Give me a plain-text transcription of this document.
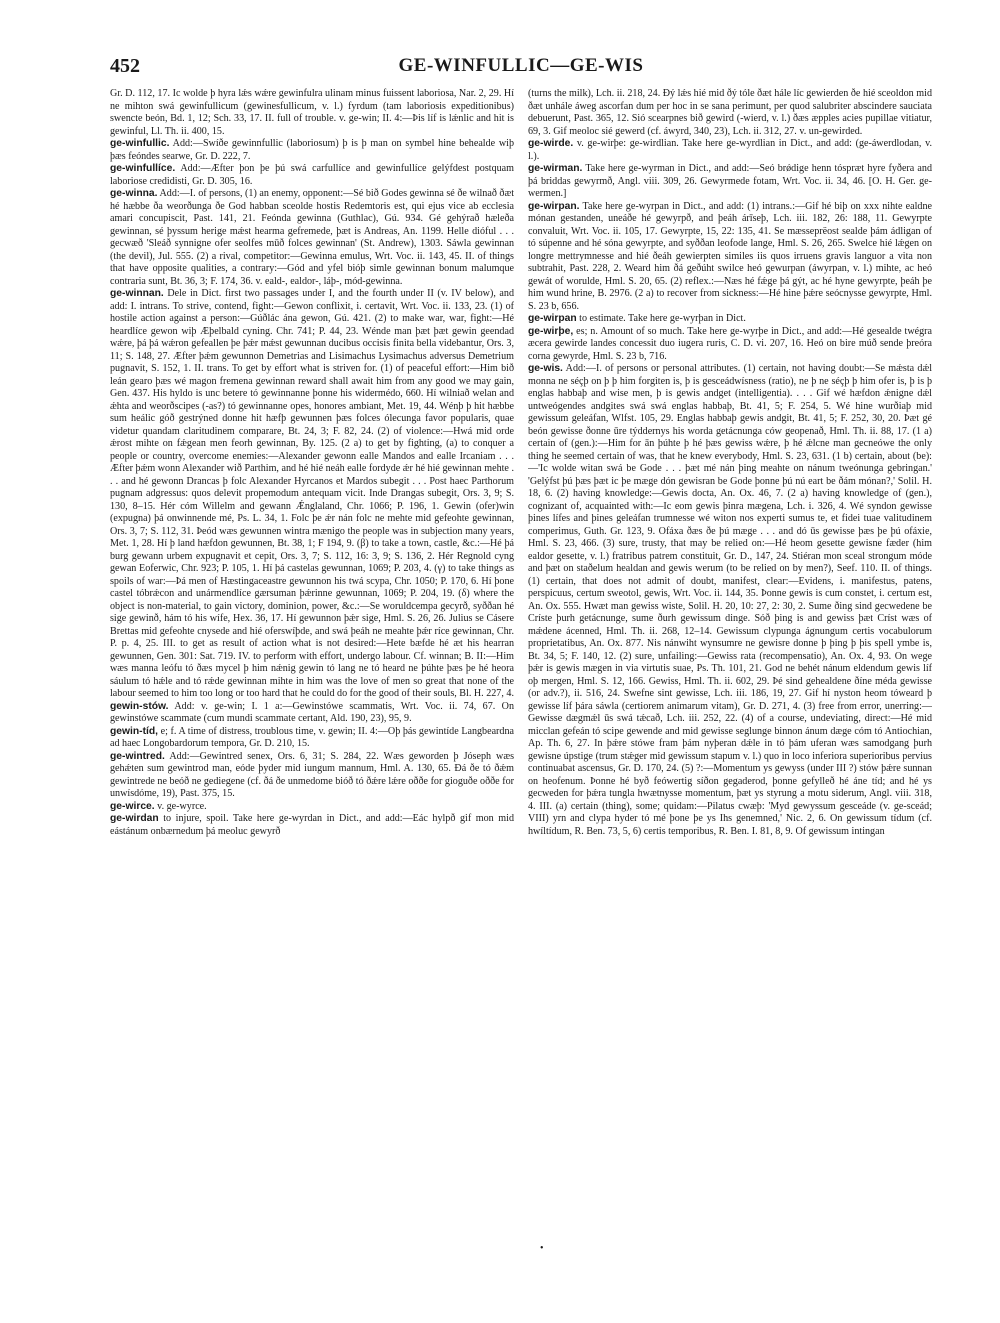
452	GE-WINFULLIC—GE-WIS

Gr. D. 112, 17. Ic wolde þ hyra lǽs wǽre gewinfulra ulinam minus fuissent laboriosa, Nar. 2, 29. Hí ne mihton swá gewinfullicum (gewinesfullicum, v. l.) fyrdum (tam laboriosis expeditionibus) swencte beón, Bd. 1, 12; Sch. 33, 17. II. full of trouble. v. ge-win; II. 4:—Þis líf is lǽnlic and hit is gewinful, Ll. Th. ii. 400, 15.

ge-winfullic. Add:—Swíðe gewinnfullic (laboriosum) þ is þ man on symbel hine behealde wiþ þæs feóndes searwe, Gr. D. 222, 7.

ge-winfullíce. Add:—Æfter þon þe þú swá carfullíce and gewinfullíce gelýfdest postquam laboriose credidisti, Gr. D. 305, 16.

ge-winna. Add:—I. of persons, (1) an enemy, opponent:—Sé bið Godes gewinna sé ðe wilnað ðæt hé hæbbe ða weorðunga ðe God habban sceolde hostis Redemtoris est, qui ejus vice ab ecclesia amari concupiscit, Past. 141, 21. Feónda gewinna (Guthlac), Gú. 934. Gé gehýrað hæleða gewinnan, sé þyssum herige mǽst hearma gefremede, þæt is Andreas, An. 1199. Helle dióful . . . gecwæð 'Sleáð synnigne ofer seolfes mūð folces gewinnan' (St. Andrew), 1303. Sáwla gewinnan (the devil), Jul. 555. (2) a rival, competitor:—Gewinna emulus, Wrt. Voc. ii. 143, 45. II. of things that have opposite qualities, a contrary:—Gód and yfel bióþ simle gewinnan bonum malumque contraria sunt, Bt. 36, 3; F. 174, 36. v. eald-, ealdor-, láþ-, mód-gewinna.

ge-winnan. Dele in Dict. first two passages under I, and the fourth under II (v. IV below), and add: I. intrans. To strive, contend, fight:—Gewon conflixit, i. certavit, Wrt. Voc. ii. 133, 23. (1) of hostile action against a person:—Gúðlác ána gewon, Gú. 421. (2) to make war, war, fight:—Hé heardlíce gewon wiþ Æþelbald cyning. Chr. 741; P. 44, 23. Wénde man þæt þæt gewin geendad wǽre, þá þá wǽron gefeallen þe þǽr mǽst gewunnan ducibus occisis finita bella videbantur, Ors. 3, 11; S. 148, 27. Æfter þǽm gewunnon Demetrias and Lisimachus Lysimachus adversus Demetrium pugnavit, S. 152, 1. II. trans. To get by effort what is striven for. (1) of peaceful effort:—Him bið leán gearo þæs wé magon fremena gewinnan reward shall await him from any good we may gain, Gen. 437. His hyldo is unc betere tó gewinnanne þonne his widermédo, 660. Hí wilniað welan and ǽhta and weorðscipes (-as?) tó gewinnanne opes, honores ambiant, Met. 19, 44. Wénþ þ hit hæbbe sum heálic góð gestrýned donne hit hæfþ gewunnen þæs folces ólecunga favor popularis, quae videtur quandam claritudinem comparare, Bt. 24, 3; F. 82, 24. (2) of violence:—Hwá mid orde ǽrost mihte on fǽgean men feorh gewinnan, By. 125. (2 a) to get by fighting, (a) to conquer a people or country, overcome enemies:—Alexander gewonn ealle Mandos and ealle Ircaniam . . . Æfter þǽm wonn Alexander wið Parthim, and hé hié neáh ealle fordyde ǽr hé hié gewinnan mehte . . . and hé gewonn Drancas þ folc Alexander Hyrcanos et Mardos subegit . . . Post haec Parthorum pugnam adgressus: quos delevit propemodum antequam vicit. Inde Drangas subegit, Ors. 3, 9; S. 130, 8–15. Hér cóm Willelm and gewann Ǽnglaland, Chr. 1066; P. 196, 1. Gewin (ofer)win (expugna) þá onwinnende mé, Ps. L. 34, 1. Folc þe ǽr nán folc ne mehte mid gefeohte gewinnan, Ors. 3, 7; S. 112, 31. Þeód wæs gewunnen wintra mænigo the people was in subjection many years, Met. 1, 28. Hí þ land hæfdon gewunnen, Bt. 38, 1; F 194, 9. (β) to take a town, castle, &c.:—Hé þá burg gewann urbem expugnavit et cepit, Ors. 3, 7; S. 112, 16: 3, 9; S. 136, 2. Hér Regnold cyng gewan Eoferwic, Chr. 923; P. 105, 1. Hí þá castelas gewunnan, 1069; P. 203, 4. (γ) to take things as spoils of war:—Þá men of Hæstingaceastre gewunnon his twá scypa, Chr. 1050; P. 170, 6. Hí þone castel tóbrǽcon and unármendlíce gærsuman þǽrinne gewunnan, 1069; P. 204, 19. (δ) where the object is non-material, to gain victory, dominion, power, &c.:—Se woruldcempa gecyrð, syððan hé sige gewinð, hám tó his wífe, Hex. 36, 17. Hí gewunnon þǽr sige, Hml. S. 26, 26. Julius se Cásere Brettas mid gefeohte cnysede and hié oferswíþde, and swá þeáh ne meahte þǽr ríce gewinnan, Chr. P. p. 4, 25. III. to get as result of action what is not desired:—Hete bæfde hé æt his hearran gewunnen, Gen. 301: Sat. 719. IV. to perform with effort, undergo labour. Cf. winnan; B. II:—Him wæs manna leófu tó ðæs mycel þ him nǽnig gewin tó lang ne tó heard ne þúhte þæs þe hé heora sáulum tó hǽle and tó rǽde gewinnan mihte in him was the love of men so great that none of the labour seemed to him too long or too hard that he could do for the good of their souls, Bl. H. 227, 4.

gewin-stów. Add: v. ge-win; I. 1 a:—Gewinstówe scammatis, Wrt. Voc. ii. 74, 67. On gewinstówe scammate (cum mundi scammate certant, Ald. 190, 23), 95, 9.

gewin-tíd, e; f. A time of distress, troublous time, v. gewin; II. 4:—Oþ þás gewintíde Langbeardna ad haec Longobardorum tempora, Gr. D. 210, 15.

ge-wintred. Add:—Gewintred senex, Ors. 6, 31; S. 284, 22. Wæs geworden þ Jóseph wæs gehǽten sum gewintrod man, eóde þyder mid iungum mannum, Hml. A. 130, 65. Ðá ðe tó ðǽm gewintrede ne beóð ne gediegene (cf. ðá ðe unmedome bióð tó ðǽre lǽre oððe for gioguðe oððe for unwísdóme, 19), Past. 375, 15.

ge-wirce. v. ge-wyrce.

ge-wirdan to injure, spoil. Take here ge-wyrdan in Dict., and add:—Eác hylpð gif mon mid eástánum onbærnedum þá meoluc gewyrð

(turns the milk), Lch. ii. 218, 24. Ðý lǽs hié mid ðý tóle ðæt hále líc gewierden ðe hié sceoldon mid ðæt unhále áweg ascorfan dum per hoc in se sana perimunt, per quod salubriter abscindere sauciata debuerunt, Past. 365, 12. Sió scearpnes bið gewird (-wierd, v. l.) ðæs æpples acies pupillae vitiatur, 69, 3. Gif meoloc sié gewerd (cf. áwyrd, 340, 23), Lch. ii. 312, 27. v. un-gewirded.

ge-wirde. v. ge-wirþe: ge-wirdlian. Take here ge-wyrdlian in Dict., and add: (ge-áwerdlodan, v. l.).

ge-wirman. Take here ge-wyrman in Dict., and add:—Seó brǿdige henn tóspræt hyre fyðera and þá briddas gewyrmð, Angl. viii. 309, 26. Gewyrmede fotam, Wrt. Voc. ii. 34, 46. [O. H. Ger. ge-wermen.]

ge-wirpan. Take here ge-wyrpan in Dict., and add: (1) intrans.:—Gif hé biþ on xxx nihte ealdne mónan gestanden, uneáðe hé gewyrpð, and þeáh árīseþ, Lch. iii. 182, 26: 188, 11. Gewyrpte convaluit, Wrt. Voc. ii. 105, 17. Gewyrpte, 15, 22: 135, 41. Se mæsseprëost sealde þám ádligan of tó súpenne and hé sóna gewyrpte, and syððan leofode lange, Hml. S. 26, 265. Swelce hié lǽgen on longre mettrymnesse and hié ðeáh gewierpten similes iis quos irruens gravis languor a vita non subtrahit, Past. 228, 2. Weard him ðá geðúht swilce heó gewurpan (áwyrpan, v. l.) mihte, ac heó gewát of worulde, Hml. S. 20, 65. (2) reflex.:—Næs hé fǽge þá gýt, ac hé hyne gewyrpte, þeáh þe him wund hrine, B. 2976. (2 a) to recover from sickness:—Hé hine þǽre seócnysse gewyrpte, Hml. S. 23 b, 656.

ge-wirpan to estimate. Take here ge-wyrþan in Dict.

ge-wirþe, es; n. Amount of so much. Take here ge-wyrþe in Dict., and add:—Hé gesealde twégra æcera gewirde landes concessit duo iugera ruris, C. D. vi. 207, 16. Heó on bire múð sende þreóra corna gewyrde, Hml. S. 23 b, 716.

ge-wis. Add:—I. of persons or personal attributes. (1) certain, not having doubt:—Se mǽsta dǽl monna ne séçþ on þ þ him forgiten is, þ is gesceádwísness (ratio), ne þ ne séçþ þ him ofer is, þ is þ englas habbaþ and wise men, þ is gewis andget (intelligentia). . . . Gif wé hæfdon ǽnigne dǽl untweógendes andgites swá swá englas habbaþ, Bt. 41, 5; F. 254, 5. Wé hine wurðiaþ mid gewissum geleáfan, Wlfst. 105, 29. Englas habbaþ gewis andgit, Bt. 41, 5; F. 252, 30, 20. Þæt gé beón gewisse ðonne ūre týddernys his worda getácnunga ców geopenað, Hml. Th. ii. 88, 17. (1 a) certain of (gen.):—Him for ān þúhte þ hé þæs gewiss wǽre, þ hé ǽlcne man gecneówe the only thing he seemed certain of was, that he knew everybody, Hml. S. 23, 631. (1 b) certain, about (be):—'Ic wolde witan swá be Gode . . . þæt mé nán þing meahte on nánum tweónunga gebringan.' 'Gelýfst þú þæs þæt ic þe mæge dón gewisran be Gode þonne þú nú eart be ðám mónan?,' Solil. H. 18, 6. (2) having knowledge:—Gewis docta, An. Ox. 46, 7. (2 a) having knowledge of (gen.), cognizant of, acquainted with:—Ic eom gewis þinra mægena, Lch. i. 326, 4. Wé syndon gewisse þines lífes and þines geleáfan trumnesse wé witon nos experti sumus te, et fidei tuae valitudinem comperimus, Guth. Gr. 123, 9. Ofáxa ðæs ðe þú mæge . . . and dó ūs gewisse þæs þe þú ofáxie, Hml. S. 23, 466. (3) sure, trusty, that may be relied on:—Hé heom gesette gewisne fæder (him ealdor gesette, v. l.) fratribus patrem constituit, Gr. D., 147, 24. Stiéran mon sceal strongum móde and þæt on staðelum healdan and gewis werum (to be relied on by men?), Seef. 110. II. of things. (1) certain, that does not admit of doubt, manifest, clear:—Evidens, i. manifestus, patens, perspicuus, certum sweotol, gewis, Wrt. Voc. ii. 144, 35. Þonne gewis is cum constet, i. certum est, An. Ox. 555. Hwæt man gewiss wiste, Solil. H. 20, 10: 27, 2: 30, 2. Sume ðing sind gecwedene be Críste þurh getácnunge, sume ðurh gewissum dinge. Sóð þing is and gewiss þæt Críst wæs of mǽdene ácenned, Hml. Th. ii. 268, 12–14. Gewissum clypunga ágnungum certis vocabulorum proprietatibus, An. Ox. 877. Nis nánwiht wynsumre ne gewisre donne þ þing þ þis spell ymbe is, Bt. 34, 5; F. 140, 12. (2) sure, unfailing:—Gewiss rata (recompensatio), An. Ox. 4, 93. On wege þǽr is gewis mægen in via virtutis suae, Ps. Th. 101, 21. God ne behét nánum eldendum gewis líf oþ mergen, Hml. S. 12, 166. Gewiss, Hml. Th. ii. 602, 29. Þé sind gehealdene ðíne méda gewisse (or adv.?), ii. 516, 24. Swefne sint gewisse, Lch. iii. 186, 19, 27. Gif hí nyston heom tóweard þ gewisse líf þára sáwla (certiorem animarum vitam), Gr. D. 271, 4. (3) free from error, unerring:—Gewisse dægmǽl ūs swá tǽcað, Lch. iii. 252, 22. (4) of a course, undeviating, direct:—Hé mid micclan gefeán tó scipe gewende and mid gewisse seglunge binnon ánum dæge cóm tó Antiochian, Ap. Th. 6, 27. In þǽre stówe fram þám nyþeran dǽle in tó þám uferan wæs samodgang þurh gewisne úpstige (trum stǽger mid gewissum stapum v. l.) quo in loco inferiora superioribus pervius continuabat ascensus, Gr. D. 170, 24. (5) ?:—Momentum ys gewyss (under III ?) stów þǽre sunnan on heofenum. Þonne hé byð feówertig síðon gegaderod, þonne gefylleð hé áne tíd; and hé ys gecweden for þǽra tungla hwætnysse momentum, þæt ys styrung a motu siderum, Angl. viii. 318, 4. III. (a) certain (thing), some; quidam:—Pilatus cwæþ: 'Myd gewyssum gesceáde (v. ge-sceád; VIII) yrn and clypa hyder tó mé þone þe ys Ihs genemned,' Nic. 2, 6. On gewissum tídum (cf. hwíltídum, R. Ben. 73, 5, 6) certis temporibus, R. Ben. I. 81, 8, 9. Of gewissum intingan

•
